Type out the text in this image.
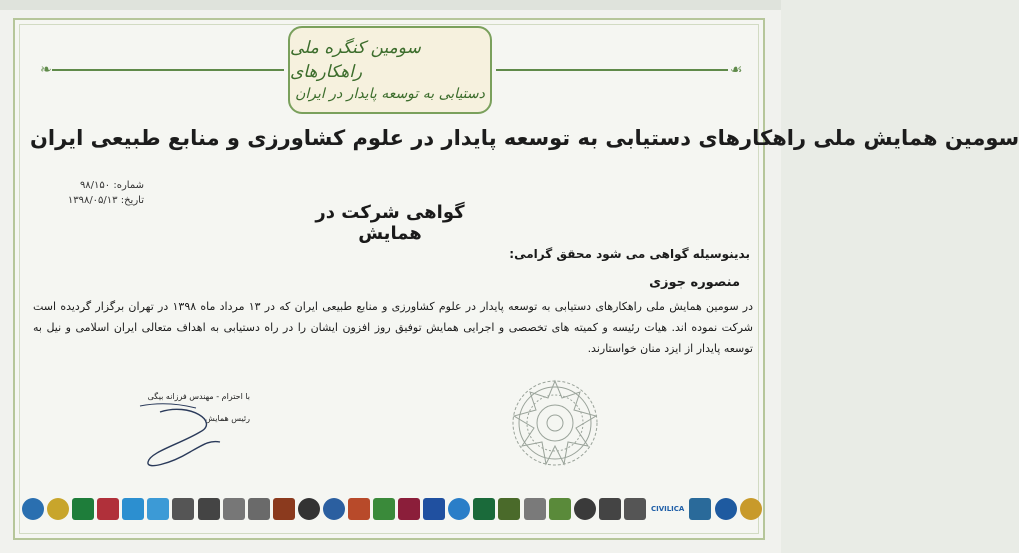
❧	☙
سومین کنگره ملی راهکارهای
دستیابی به توسعه پایدار در ایران
سومین همایش ملی راهکارهای دستیابی به توسعه پایدار در علوم کشاورزی و منابع طبیعی ایران
شماره: ۹۸/۱۵۰
تاریخ: ۱۳۹۸/۰۵/۱۳
گواهی شرکت در همایش
بدینوسیله گواهی می شود محقق گرامی:
منصوره جوزی
در سومین همایش ملی راهکارهای دستیابی به توسعه پایدار در علوم کشاورزی و منابع طبیعی ایران که در ۱۳ مرداد ماه ۱۳۹۸ در تهران برگزار گردیده است شرکت نموده اند. هیات رئیسه و کمیته های تخصصی و اجرایی همایش توفیق روز افزون ایشان را در راه دستیابی به اهداف متعالی ایران اسلامی و نیل به توسعه پایدار از ایزد منان خواستارند.
با احترام - مهندس فرزانه بیگی
رئیس همایش
CIVILICA
